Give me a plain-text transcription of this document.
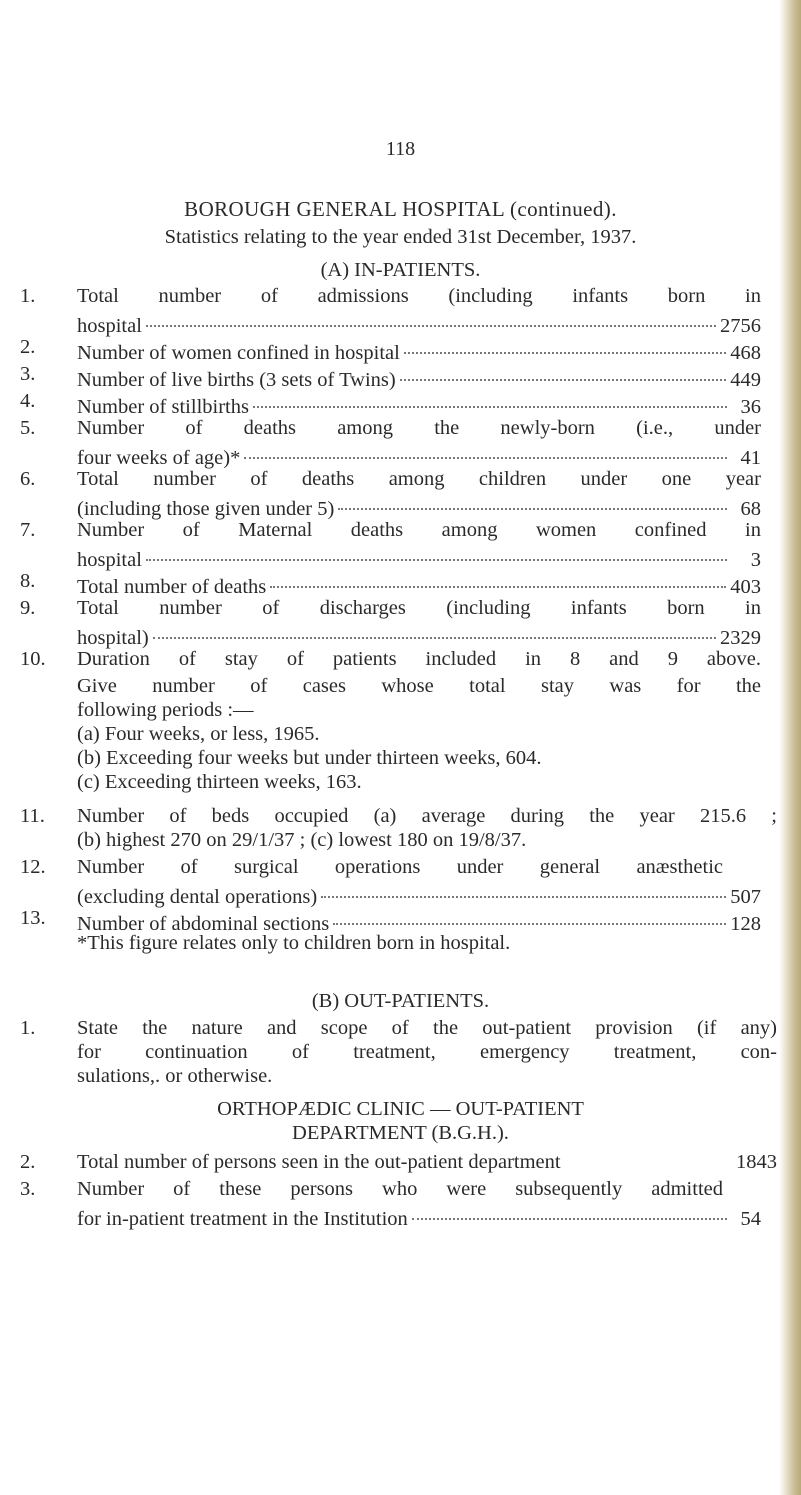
118
BOROUGH GENERAL HOSPITAL (continued).
Statistics relating to the year ended 31st December, 1937.
(A) IN-PATIENTS.
1.	Total number of admissions (including infants born in
hospital	2756
2.	Number of women confined in hospital	468
3.	Number of live births (3 sets of Twins)	449
4.	Number of stillbirths	36
5.	Number of deaths among the newly-born (i.e., under
four weeks of age)*	41
6.	Total number of deaths among children under one year
(including those given under 5)	68
7.	Number of Maternal deaths among women confined in
hospital	3
8.	Total number of deaths	403
9.	Total number of discharges (including infants born in
hospital)	2329
10.	Duration of stay of patients included in 8 and 9 above.
Give number of cases whose total stay was for the
following periods :—
(a) Four weeks, or less, 1965.
(b) Exceeding four weeks but under thirteen weeks, 604.
(c) Exceeding thirteen weeks, 163.
11.	Number of beds occupied (a) average during the year 215.6 ;
(b) highest 270 on 29/1/37 ; (c) lowest 180 on 19/8/37.
12.	Number of surgical operations under general anæsthetic
(excluding dental operations)	507
13.	Number of abdominal sections	128
*This figure relates only to children born in hospital.
(B) OUT-PATIENTS.
1.	State the nature and scope of the out-patient provision (if any)
for continuation of treatment, emergency treatment, con-
sulations,. or otherwise.
ORTHOPÆDIC CLINIC — OUT-PATIENT
DEPARTMENT (B.G.H.).
2.	Total number of persons seen in the out-patient department	1843
3.	Number of these persons who were subsequently admitted
for in-patient treatment in the Institution	54
